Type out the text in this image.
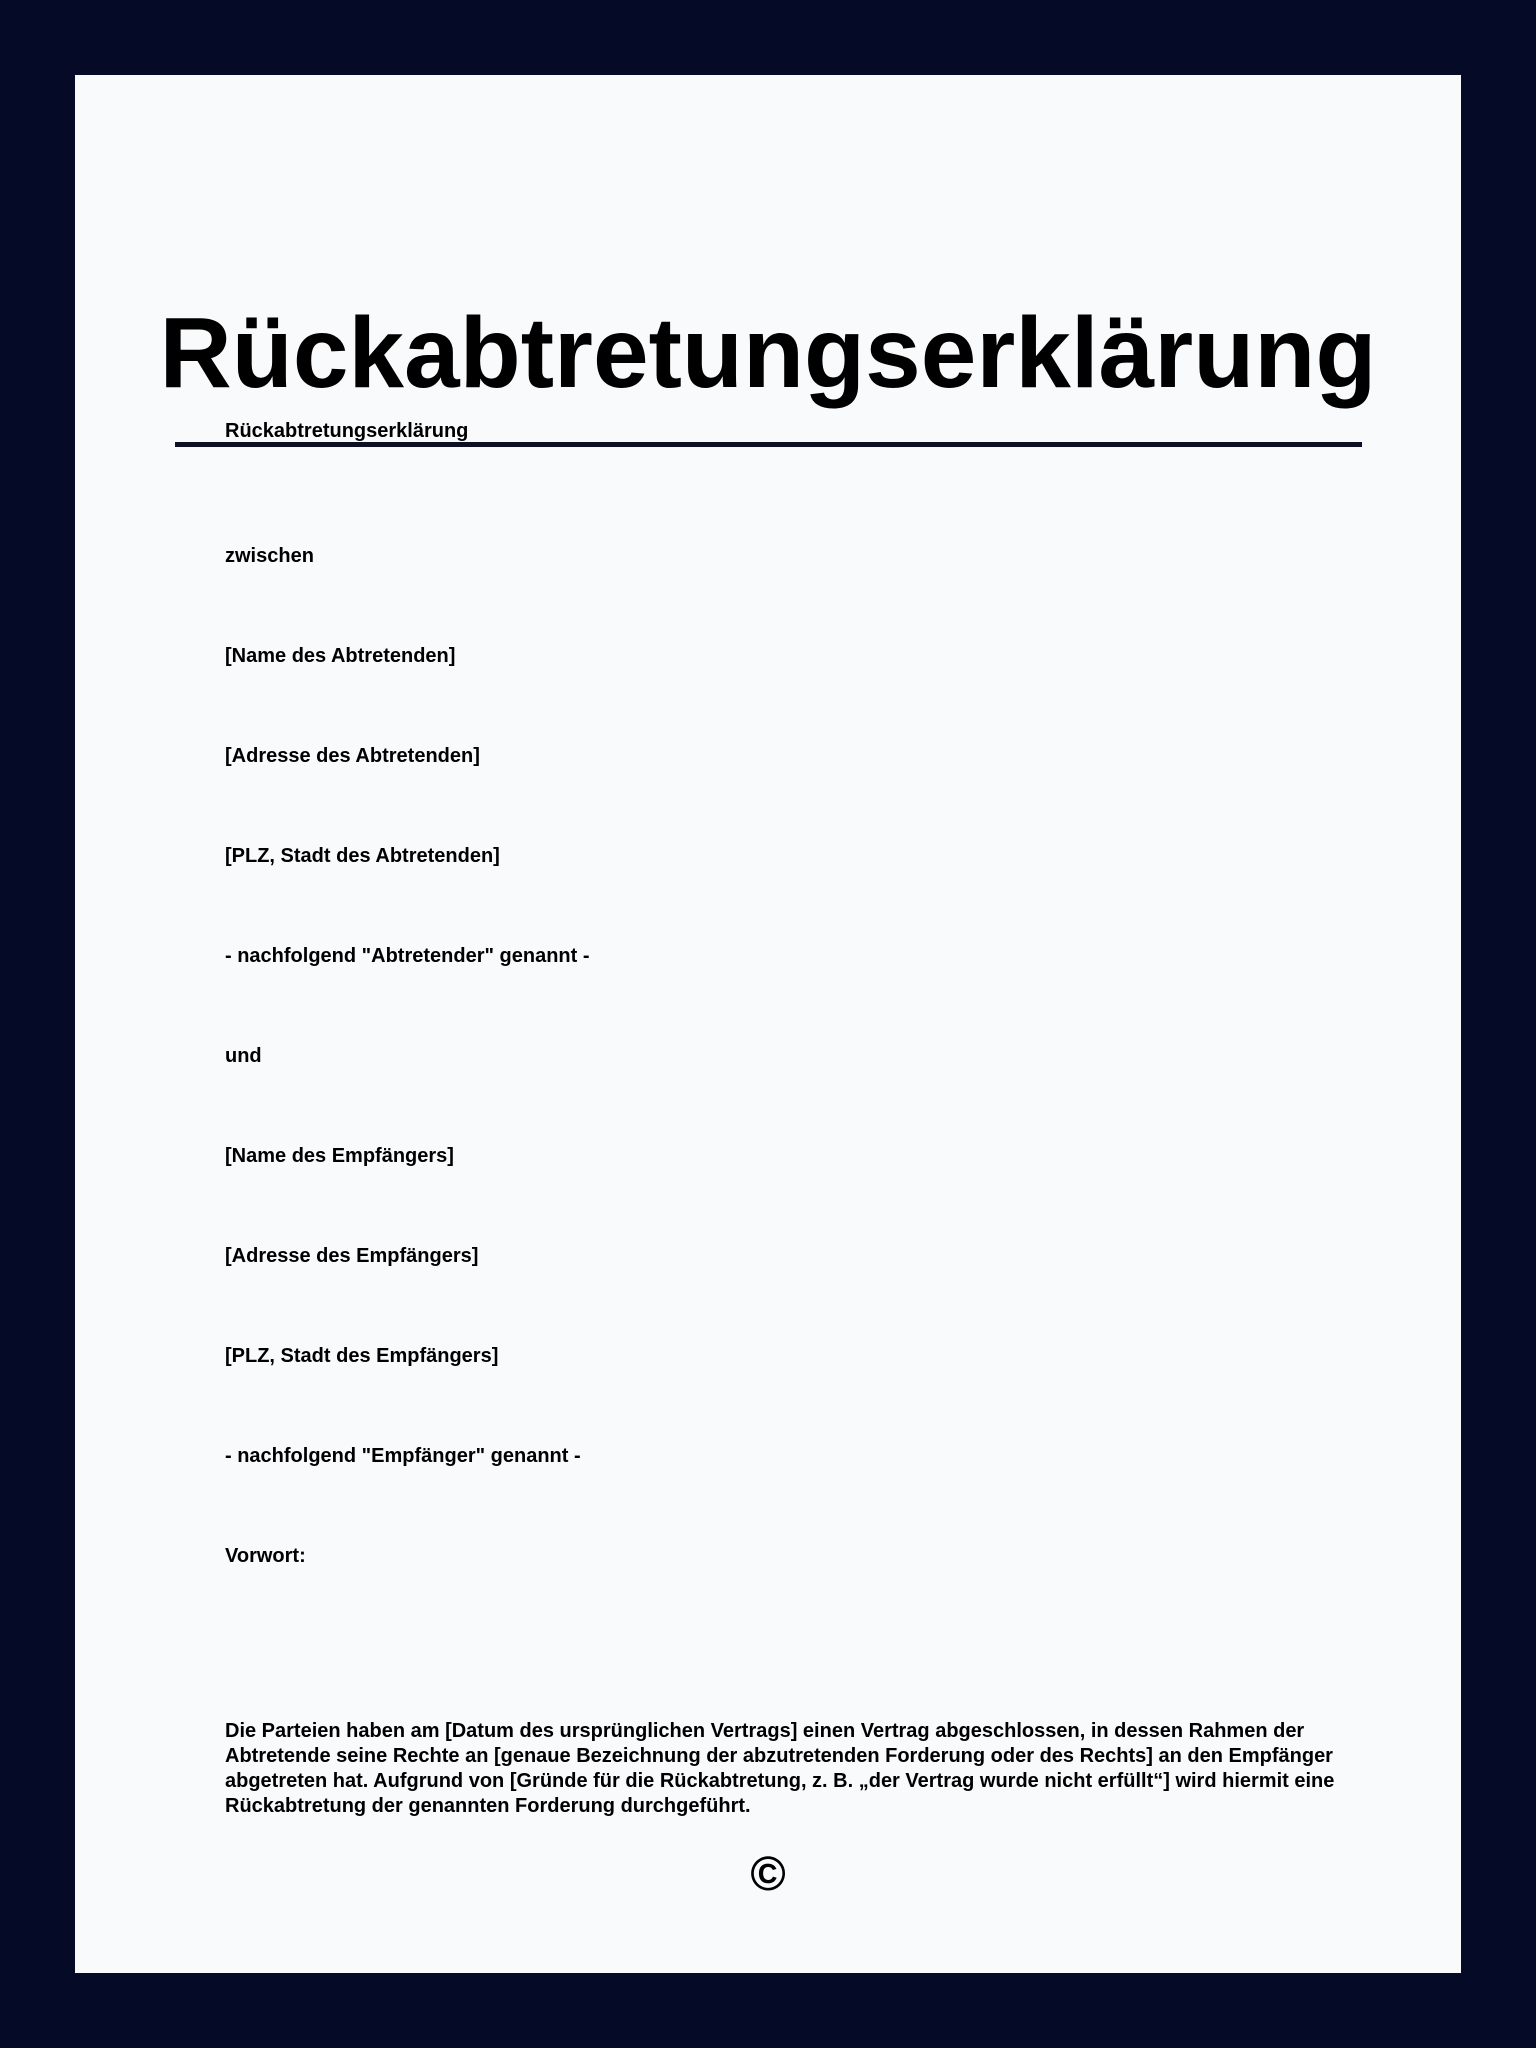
Rückabtretungserklärung
Rückabtretungserklärung
zwischen
[Name des Abtretenden]
[Adresse des Abtretenden]
[PLZ, Stadt des Abtretenden]
- nachfolgend "Abtretender" genannt -
und
[Name des Empfängers]
[Adresse des Empfängers]
[PLZ, Stadt des Empfängers]
- nachfolgend "Empfänger" genannt -
Vorwort:
Die Parteien haben am [Datum des ursprünglichen Vertrags] einen Vertrag abgeschlossen, in dessen Rahmen der Abtretende seine Rechte an [genaue Bezeichnung der abzutretenden Forderung oder des Rechts] an den Empfänger abgetreten hat. Aufgrund von [Gründe für die Rückabtretung, z. B. „der Vertrag wurde nicht erfüllt“] wird hiermit eine Rückabtretung der genannten Forderung durchgeführt.
©
